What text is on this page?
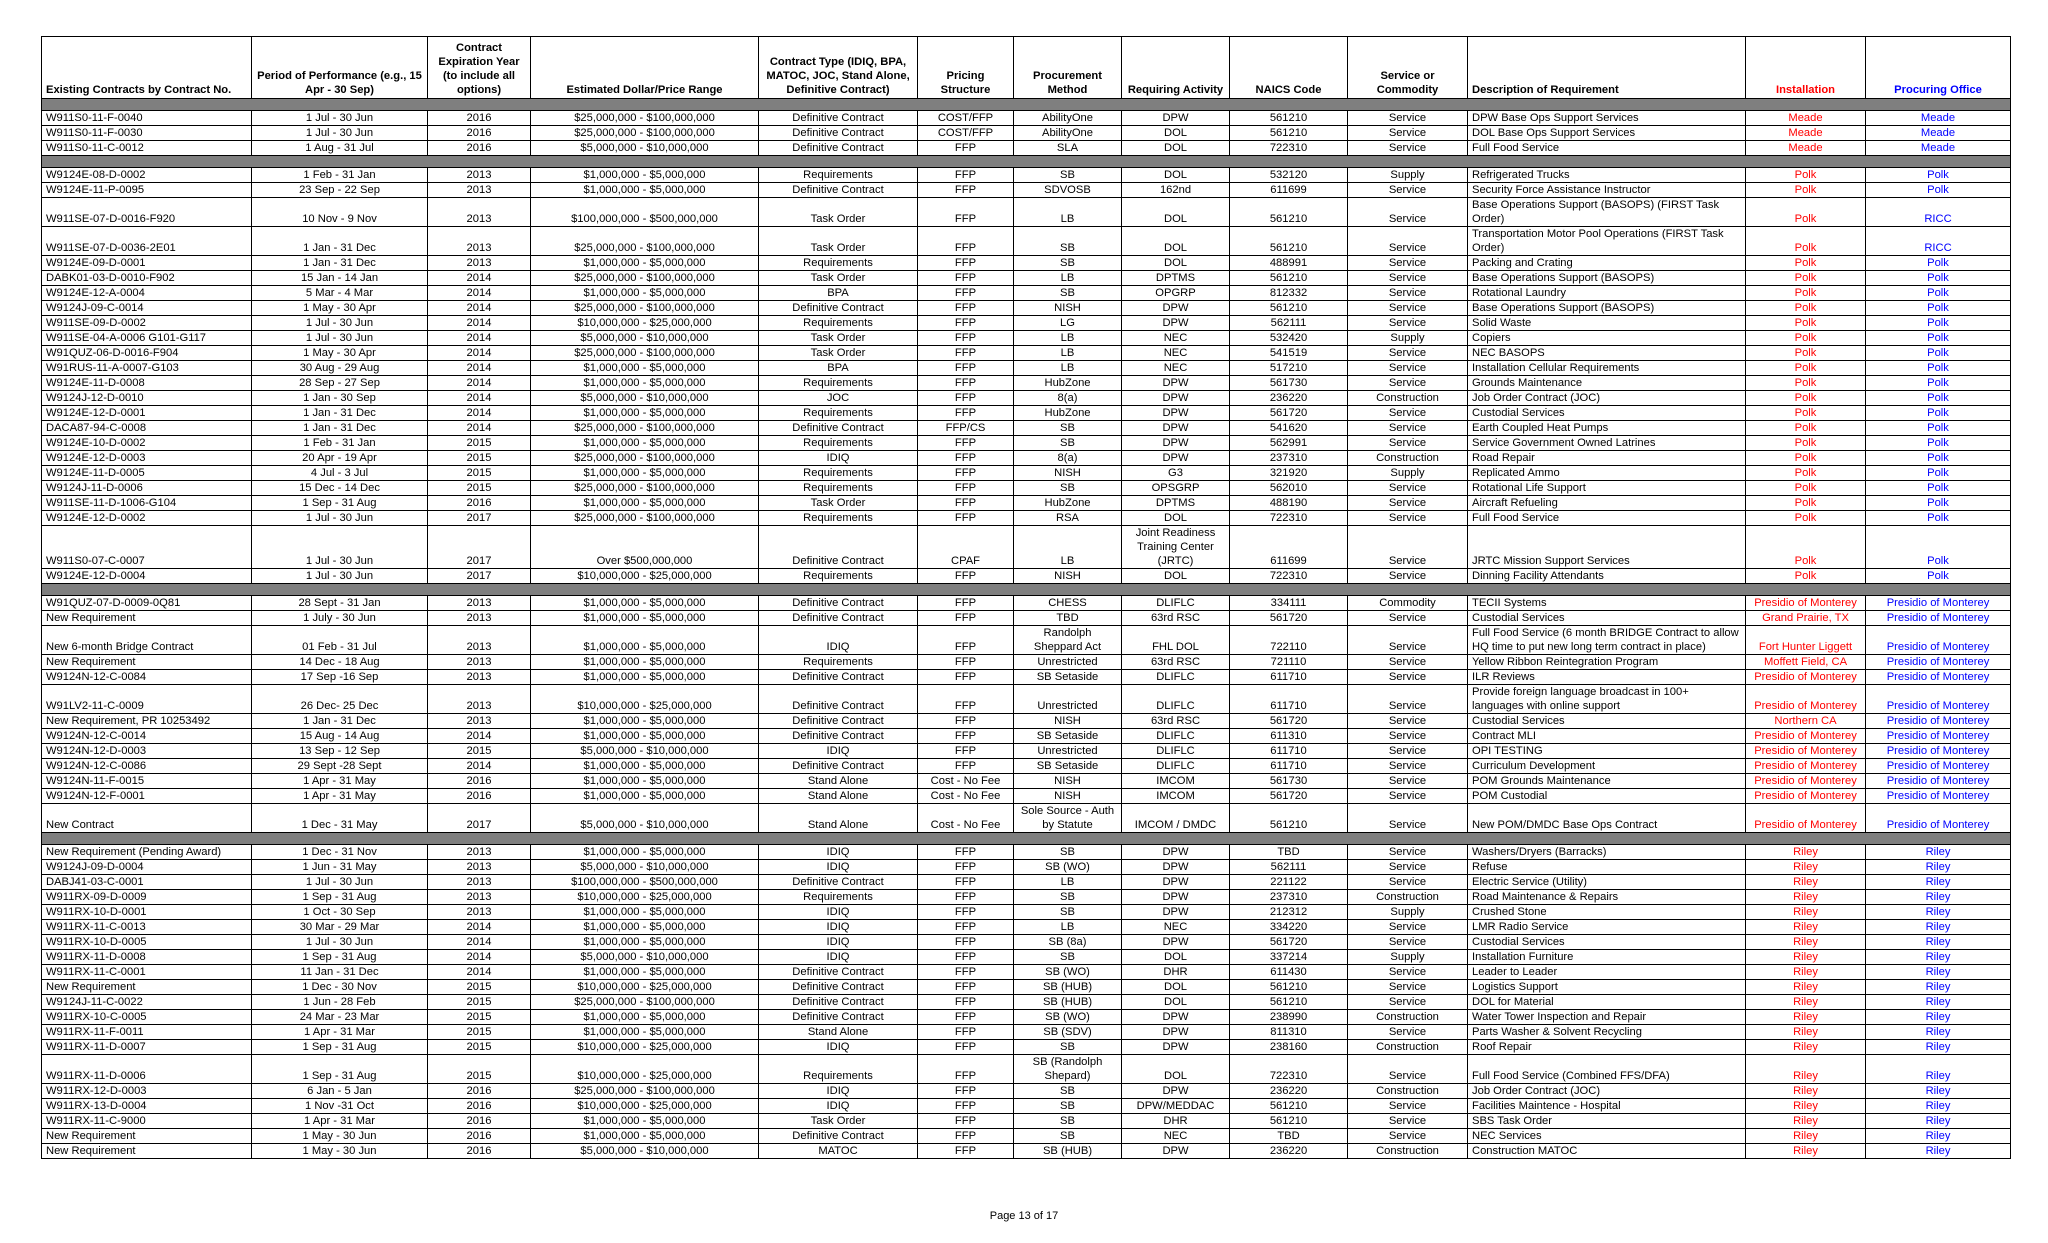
Existing Contracts by Contract No.	Period of Performance (e.g., 15 Apr - 30 Sep)	Contract Expiration Year (to include all options)	Estimated Dollar/Price Range	Contract Type (IDIQ, BPA, MATOC, JOC, Stand Alone, Definitive Contract)	Pricing Structure	Procurement Method	Requiring Activity	NAICS Code	Service or Commodity	Description of Requirement	Installation	Procuring Office

W911S0-11-F-0040	1 Jul - 30 Jun	2016	$25,000,000 - $100,000,000	Definitive Contract	COST/FFP	AbilityOne	DPW	561210	Service	DPW Base Ops Support Services	Meade	Meade
W911S0-11-F-0030	1 Jul - 30 Jun	2016	$25,000,000 - $100,000,000	Definitive Contract	COST/FFP	AbilityOne	DOL	561210	Service	DOL Base Ops Support Services	Meade	Meade
W911S0-11-C-0012	1 Aug - 31 Jul	2016	$5,000,000 - $10,000,000	Definitive Contract	FFP	SLA	DOL	722310	Service	Full Food Service	Meade	Meade

W9124E-08-D-0002	1 Feb - 31 Jan	2013	$1,000,000 - $5,000,000	Requirements	FFP	SB	DOL	532120	Supply	Refrigerated Trucks	Polk	Polk
W9124E-11-P-0095	23 Sep - 22 Sep	2013	$1,000,000 - $5,000,000	Definitive Contract	FFP	SDVOSB	162nd	611699	Service	Security Force Assistance Instructor	Polk	Polk
W911SE-07-D-0016-F920	10 Nov - 9 Nov	2013	$100,000,000 - $500,000,000	Task Order	FFP	LB	DOL	561210	Service	Base Operations Support (BASOPS) (FIRST Task Order)	Polk	RICC
W911SE-07-D-0036-2E01	1 Jan - 31 Dec	2013	$25,000,000 - $100,000,000	Task Order	FFP	SB	DOL	561210	Service	Transportation Motor Pool Operations (FIRST Task Order)	Polk	RICC
W9124E-09-D-0001	1 Jan - 31 Dec	2013	$1,000,000 - $5,000,000	Requirements	FFP	SB	DOL	488991	Service	Packing and Crating	Polk	Polk
DABK01-03-D-0010-F902	15 Jan - 14 Jan	2014	$25,000,000 - $100,000,000	Task Order	FFP	LB	DPTMS	561210	Service	Base Operations Support (BASOPS)	Polk	Polk
W9124E-12-A-0004	5 Mar - 4 Mar	2014	$1,000,000 - $5,000,000	BPA	FFP	SB	OPGRP	812332	Service	Rotational Laundry	Polk	Polk
W9124J-09-C-0014	1 May - 30 Apr	2014	$25,000,000 - $100,000,000	Definitive Contract	FFP	NISH	DPW	561210	Service	Base Operations Support (BASOPS)	Polk	Polk
W911SE-09-D-0002	1 Jul - 30 Jun	2014	$10,000,000 - $25,000,000	Requirements	FFP	LG	DPW	562111	Service	Solid Waste	Polk	Polk
W911SE-04-A-0006 G101-G117	1 Jul - 30 Jun	2014	$5,000,000 - $10,000,000	Task Order	FFP	LB	NEC	532420	Supply	Copiers	Polk	Polk
W91QUZ-06-D-0016-F904	1 May - 30 Apr	2014	$25,000,000 - $100,000,000	Task Order	FFP	LB	NEC	541519	Service	NEC BASOPS	Polk	Polk
W91RUS-11-A-0007-G103	30 Aug - 29 Aug	2014	$1,000,000 - $5,000,000	BPA	FFP	LB	NEC	517210	Service	Installation Cellular Requirements	Polk	Polk
W9124E-11-D-0008	28 Sep - 27 Sep	2014	$1,000,000 - $5,000,000	Requirements	FFP	HubZone	DPW	561730	Service	Grounds Maintenance	Polk	Polk
W9124J-12-D-0010	1 Jan - 30 Sep	2014	$5,000,000 - $10,000,000	JOC	FFP	8(a)	DPW	236220	Construction	Job Order Contract (JOC)	Polk	Polk
W9124E-12-D-0001	1 Jan - 31 Dec	2014	$1,000,000 - $5,000,000	Requirements	FFP	HubZone	DPW	561720	Service	Custodial Services	Polk	Polk
DACA87-94-C-0008	1 Jan - 31 Dec	2014	$25,000,000 - $100,000,000	Definitive Contract	FFP/CS	SB	DPW	541620	Service	Earth Coupled Heat Pumps	Polk	Polk
W9124E-10-D-0002	1 Feb - 31 Jan	2015	$1,000,000 - $5,000,000	Requirements	FFP	SB	DPW	562991	Service	Service Government Owned Latrines	Polk	Polk
W9124E-12-D-0003	20 Apr - 19 Apr	2015	$25,000,000 - $100,000,000	IDIQ	FFP	8(a)	DPW	237310	Construction	Road Repair	Polk	Polk
W9124E-11-D-0005	4 Jul - 3 Jul	2015	$1,000,000 - $5,000,000	Requirements	FFP	NISH	G3	321920	Supply	Replicated Ammo	Polk	Polk
W9124J-11-D-0006	15 Dec - 14 Dec	2015	$25,000,000 - $100,000,000	Requirements	FFP	SB	OPSGRP	562010	Service	Rotational Life Support	Polk	Polk
W911SE-11-D-1006-G104	1 Sep - 31 Aug	2016	$1,000,000 - $5,000,000	Task Order	FFP	HubZone	DPTMS	488190	Service	Aircraft Refueling	Polk	Polk
W9124E-12-D-0002	1 Jul - 30 Jun	2017	$25,000,000 - $100,000,000	Requirements	FFP	RSA	DOL	722310	Service	Full Food Service	Polk	Polk
W911S0-07-C-0007	1 Jul - 30 Jun	2017	Over $500,000,000	Definitive Contract	CPAF	LB	Joint Readiness Training Center (JRTC)	611699	Service	JRTC Mission Support Services	Polk	Polk
W9124E-12-D-0004	1 Jul - 30 Jun	2017	$10,000,000 - $25,000,000	Requirements	FFP	NISH	DOL	722310	Service	Dinning Facility Attendants	Polk	Polk

W91QUZ-07-D-0009-0Q81	28 Sept - 31 Jan	2013	$1,000,000 - $5,000,000	Definitive Contract	FFP	CHESS	DLIFLC	334111	Commodity	TECII Systems	Presidio of Monterey	Presidio of Monterey
New Requirement	1 July - 30 Jun	2013	$1,000,000 - $5,000,000	Definitive Contract	FFP	TBD	63rd RSC	561720	Service	Custodial Services	Grand Prairie, TX	Presidio of Monterey
New 6-month Bridge Contract	01 Feb - 31 Jul	2013	$1,000,000 - $5,000,000	IDIQ	FFP	Randolph Sheppard Act	FHL DOL	722110	Service	Full Food Service (6 month BRIDGE Contract to allow HQ time to put new long term contract in place)	Fort Hunter Liggett	Presidio of Monterey
New Requirement	14 Dec - 18 Aug	2013	$1,000,000 - $5,000,000	Requirements	FFP	Unrestricted	63rd RSC	721110	Service	Yellow Ribbon Reintegration Program	Moffett Field, CA	Presidio of Monterey
W9124N-12-C-0084	17 Sep -16 Sep	2013	$1,000,000 - $5,000,000	Definitive Contract	FFP	SB Setaside	DLIFLC	611710	Service	ILR Reviews	Presidio of Monterey	Presidio of Monterey
W91LV2-11-C-0009	26 Dec- 25 Dec	2013	$10,000,000 - $25,000,000	Definitive Contract	FFP	Unrestricted	DLIFLC	611710	Service	Provide foreign language broadcast in 100+ languages with online support	Presidio of Monterey	Presidio of Monterey
New Requirement, PR 10253492	1 Jan - 31 Dec	2013	$1,000,000 - $5,000,000	Definitive Contract	FFP	NISH	63rd RSC	561720	Service	Custodial Services	Northern CA	Presidio of Monterey
W9124N-12-C-0014	15 Aug - 14 Aug	2014	$1,000,000 - $5,000,000	Definitive Contract	FFP	SB Setaside	DLIFLC	611310	Service	Contract MLI	Presidio of Monterey	Presidio of Monterey
W9124N-12-D-0003	13 Sep - 12 Sep	2015	$5,000,000 - $10,000,000	IDIQ	FFP	Unrestricted	DLIFLC	611710	Service	OPI TESTING	Presidio of Monterey	Presidio of Monterey
W9124N-12-C-0086	29 Sept -28 Sept	2014	$1,000,000 - $5,000,000	Definitive Contract	FFP	SB Setaside	DLIFLC	611710	Service	Curriculum Development	Presidio of Monterey	Presidio of Monterey
W9124N-11-F-0015	1 Apr - 31 May	2016	$1,000,000 - $5,000,000	Stand Alone	Cost - No Fee	NISH	IMCOM	561730	Service	POM Grounds Maintenance	Presidio of Monterey	Presidio of Monterey
W9124N-12-F-0001	1 Apr - 31 May	2016	$1,000,000 - $5,000,000	Stand Alone	Cost - No Fee	NISH	IMCOM	561720	Service	POM Custodial	Presidio of Monterey	Presidio of Monterey
New Contract	1 Dec - 31 May	2017	$5,000,000 - $10,000,000	Stand Alone	Cost - No Fee	Sole Source - Auth by Statute	IMCOM / DMDC	561210	Service	New POM/DMDC Base Ops Contract	Presidio of Monterey	Presidio of Monterey

New Requirement (Pending Award)	1 Dec - 31 Nov	2013	$1,000,000 - $5,000,000	IDIQ	FFP	SB	DPW	TBD	Service	Washers/Dryers (Barracks)	Riley	Riley
W9124J-09-D-0004	1 Jun - 31 May	2013	$5,000,000 - $10,000,000	IDIQ	FFP	SB (WO)	DPW	562111	Service	Refuse	Riley	Riley
DABJ41-03-C-0001	1 Jul - 30 Jun	2013	$100,000,000 - $500,000,000	Definitive Contract	FFP	LB	DPW	221122	Service	Electric Service (Utility)	Riley	Riley
W911RX-09-D-0009	1 Sep - 31 Aug	2013	$10,000,000 - $25,000,000	Requirements	FFP	SB	DPW	237310	Construction	Road Maintenance & Repairs	Riley	Riley
W911RX-10-D-0001	1 Oct - 30 Sep	2013	$1,000,000 - $5,000,000	IDIQ	FFP	SB	DPW	212312	Supply	Crushed Stone	Riley	Riley
W911RX-11-C-0013	30 Mar - 29 Mar	2014	$1,000,000 - $5,000,000	IDIQ	FFP	LB	NEC	334220	Service	LMR Radio Service	Riley	Riley
W911RX-10-D-0005	1 Jul - 30 Jun	2014	$1,000,000 - $5,000,000	IDIQ	FFP	SB (8a)	DPW	561720	Service	Custodial Services	Riley	Riley
W911RX-11-D-0008	1 Sep - 31 Aug	2014	$5,000,000 - $10,000,000	IDIQ	FFP	SB	DOL	337214	Supply	Installation Furniture	Riley	Riley
W911RX-11-C-0001	11 Jan - 31 Dec	2014	$1,000,000 - $5,000,000	Definitive Contract	FFP	SB (WO)	DHR	611430	Service	Leader to Leader	Riley	Riley
New Requirement	1 Dec - 30 Nov	2015	$10,000,000 - $25,000,000	Definitive Contract	FFP	SB (HUB)	DOL	561210	Service	Logistics Support	Riley	Riley
W9124J-11-C-0022	1 Jun - 28 Feb	2015	$25,000,000 - $100,000,000	Definitive Contract	FFP	SB (HUB)	DOL	561210	Service	DOL for Material	Riley	Riley
W911RX-10-C-0005	24 Mar - 23 Mar	2015	$1,000,000 - $5,000,000	Definitive Contract	FFP	SB (WO)	DPW	238990	Construction	Water Tower Inspection and Repair	Riley	Riley
W911RX-11-F-0011	1 Apr - 31 Mar	2015	$1,000,000 - $5,000,000	Stand Alone	FFP	SB (SDV)	DPW	811310	Service	Parts Washer & Solvent Recycling	Riley	Riley
W911RX-11-D-0007	1 Sep - 31 Aug	2015	$10,000,000 - $25,000,000	IDIQ	FFP	SB	DPW	238160	Construction	Roof Repair	Riley	Riley
W911RX-11-D-0006	1 Sep - 31 Aug	2015	$10,000,000 - $25,000,000	Requirements	FFP	SB (Randolph Shepard)	DOL	722310	Service	Full Food Service (Combined FFS/DFA)	Riley	Riley
W911RX-12-D-0003	6 Jan - 5 Jan	2016	$25,000,000 - $100,000,000	IDIQ	FFP	SB	DPW	236220	Construction	Job Order Contract (JOC)	Riley	Riley
W911RX-13-D-0004	1 Nov -31 Oct	2016	$10,000,000 - $25,000,000	IDIQ	FFP	SB	DPW/MEDDAC	561210	Service	Facilities Maintence - Hospital	Riley	Riley
W911RX-11-C-9000	1 Apr - 31 Mar	2016	$1,000,000 - $5,000,000	Task Order	FFP	SB	DHR	561210	Service	SBS Task Order	Riley	Riley
New Requirement	1 May - 30 Jun	2016	$1,000,000 - $5,000,000	Definitive Contract	FFP	SB	NEC	TBD	Service	NEC Services	Riley	Riley
New Requirement	1 May - 30 Jun	2016	$5,000,000 - $10,000,000	MATOC	FFP	SB (HUB)	DPW	236220	Construction	Construction MATOC	Riley	Riley
Page 13 of 17
